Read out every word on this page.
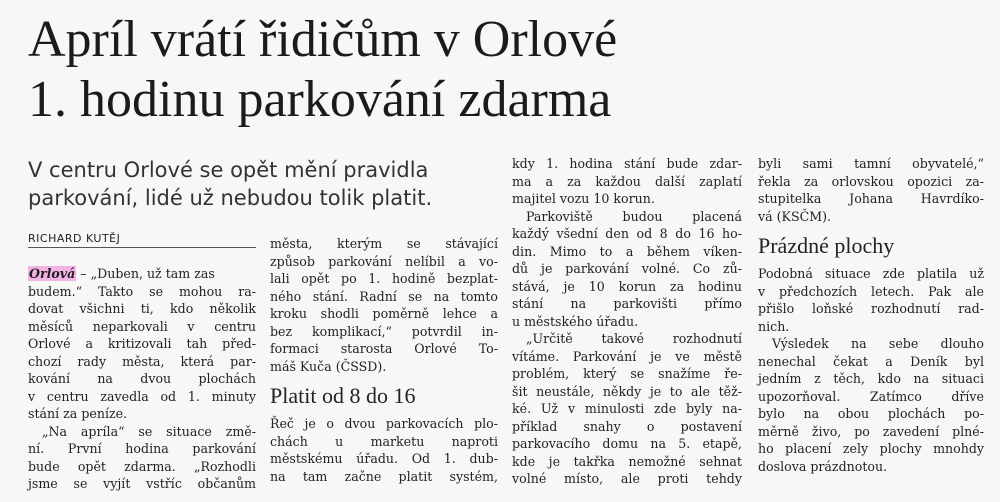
Apríl vrátí řidičům v Orlové
1. hodinu parkování zdarma
V centru Orlové se opět mění pravidla
parkování, lidé už nebudou tolik platit.
RICHARD KUTĚJ
Orlová – „Duben, už tam zas
budem.“ Takto se mohou ra-
dovat všichni ti, kdo několik
měsíců neparkovali v centru
Orlové a kritizovali tah před-
chozí rady města, která par-
kování na dvou plochách
v centru zavedla od 1. minuty
stání za peníze.
„Na apríla“ se situace změ-
ní. První hodina parkování
bude opět zdarma. „Rozhodli
jsme se vyjít vstříc občanům
města, kterým se stávající
způsob parkování nelíbil a vo-
lali opět po 1. hodině bezplat-
ného stání. Radní se na tomto
kroku shodli poměrně lehce a
bez komplikací,“ potvrdil in-
formaci starosta Orlové To-
máš Kuča (ČSSD).
Platit od 8 do 16
Řeč je o dvou parkovacích plo-
chách u marketu naproti
městskému úřadu. Od 1. dub-
na tam začne platit systém,
kdy 1. hodina stání bude zdar-
ma a za každou další zaplatí
majitel vozu 10 korun.
Parkoviště budou placená
každý všední den od 8 do 16 ho-
din. Mimo to a během víken-
dů je parkování volné. Co zů-
stává, je 10 korun za hodinu
stání na parkovišti přímo
u městského úřadu.
„Určitě takové rozhodnutí
vítáme. Parkování je ve městě
problém, který se snažíme ře-
šit neustále, někdy je to ale těž-
ké. Už v minulosti zde byly na-
příklad snahy o postavení
parkovacího domu na 5. etapě,
kde je takřka nemožné sehnat
volné místo, ale proti tehdy
byli sami tamní obyvatelé,“
řekla za orlovskou opozici za-
stupitelka Johana Havrdíko-
vá (KSČM).
Prázdné plochy
Podobná situace zde platila už
v předchozích letech. Pak ale
přišlo loňské rozhodnutí rad-
nich.
Výsledek na sebe dlouho
nenechal čekat a Deník byl
jedním z těch, kdo na situaci
upozorňoval. Zatímco dříve
bylo na obou plochách po-
měrně živo, po zavedení plné-
ho placení zely plochy mnohdy
doslova prázdnotou.
